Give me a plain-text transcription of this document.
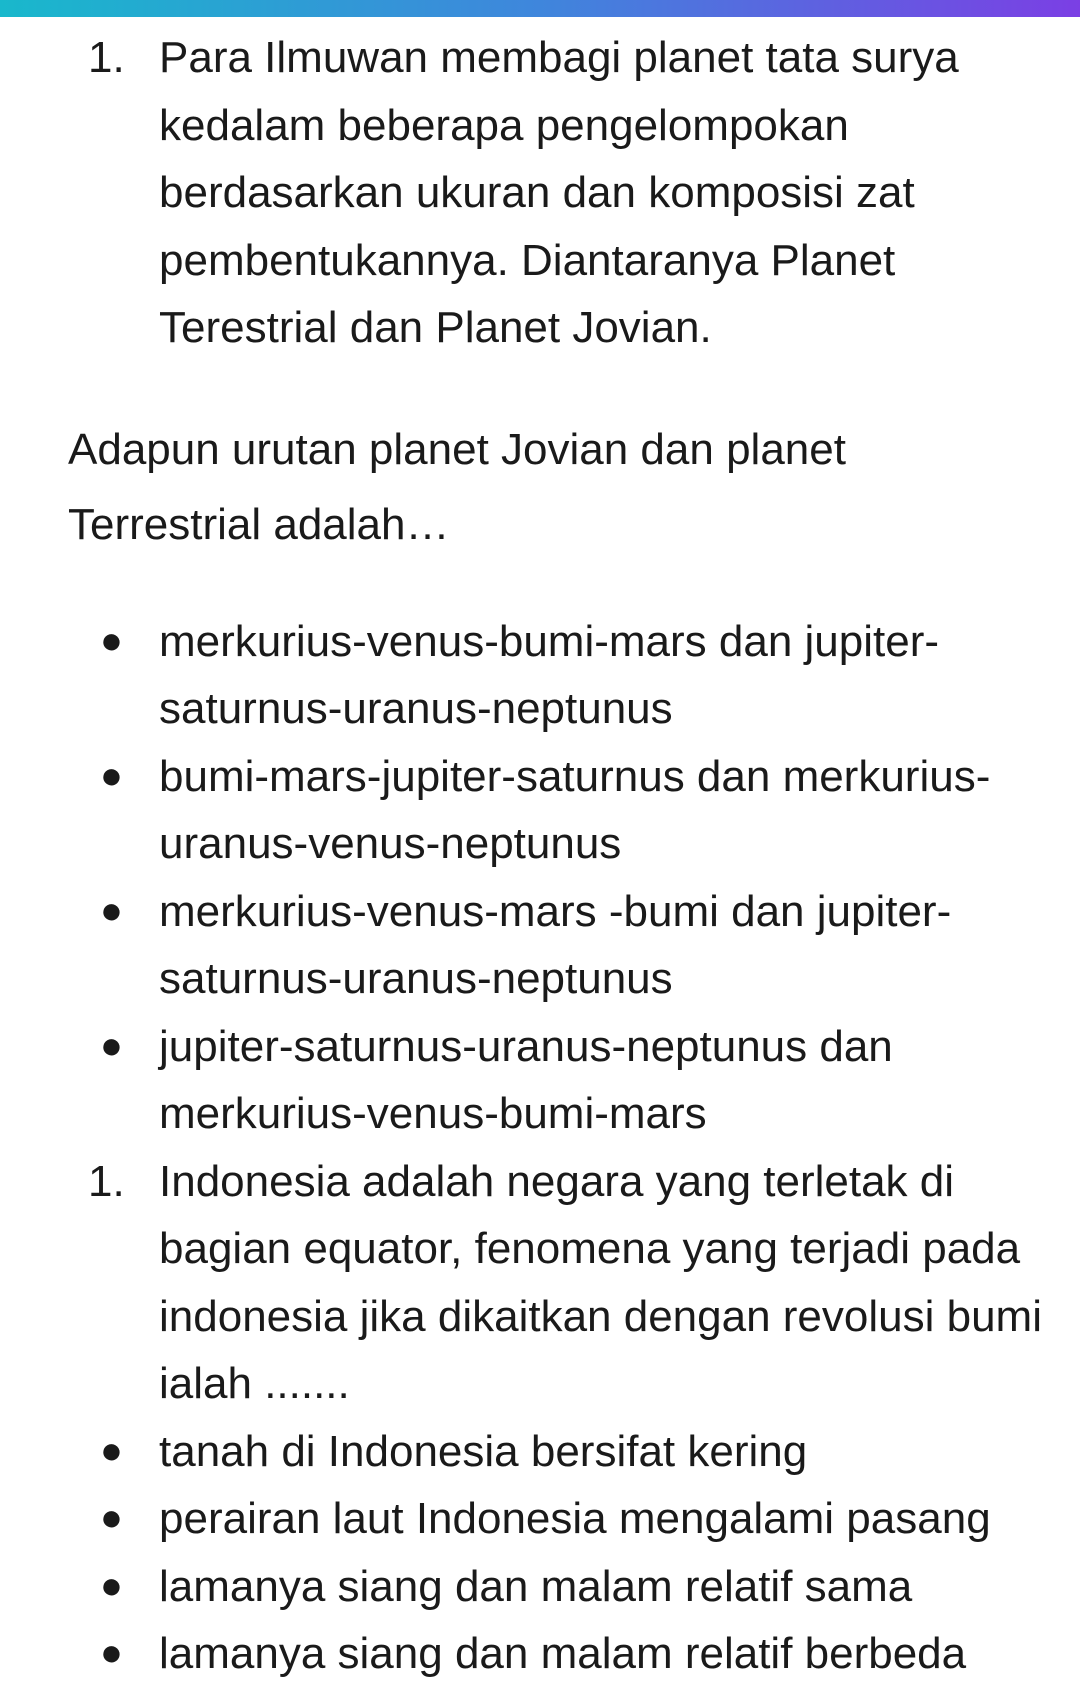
1. Para Ilmuwan membagi planet tata surya kedalam beberapa pengelompokan berdasarkan ukuran dan komposisi zat pembentukannya. Diantaranya Planet Terestrial dan Planet Jovian.
Adapun urutan planet Jovian dan planet Terrestrial adalah…
● merkurius-venus-bumi-mars dan jupiter-saturnus-uranus-neptunus
● bumi-mars-jupiter-saturnus dan merkurius-uranus-venus-neptunus
● merkurius-venus-mars -bumi dan jupiter-saturnus-uranus-neptunus
● jupiter-saturnus-uranus-neptunus dan merkurius-venus-bumi-mars
1. Indonesia adalah negara yang terletak di bagian equator, fenomena yang terjadi pada indonesia jika dikaitkan dengan revolusi bumi ialah .......
● tanah di Indonesia bersifat kering
● perairan laut Indonesia mengalami pasang
● lamanya siang dan malam relatif sama
● lamanya siang dan malam relatif berbeda
